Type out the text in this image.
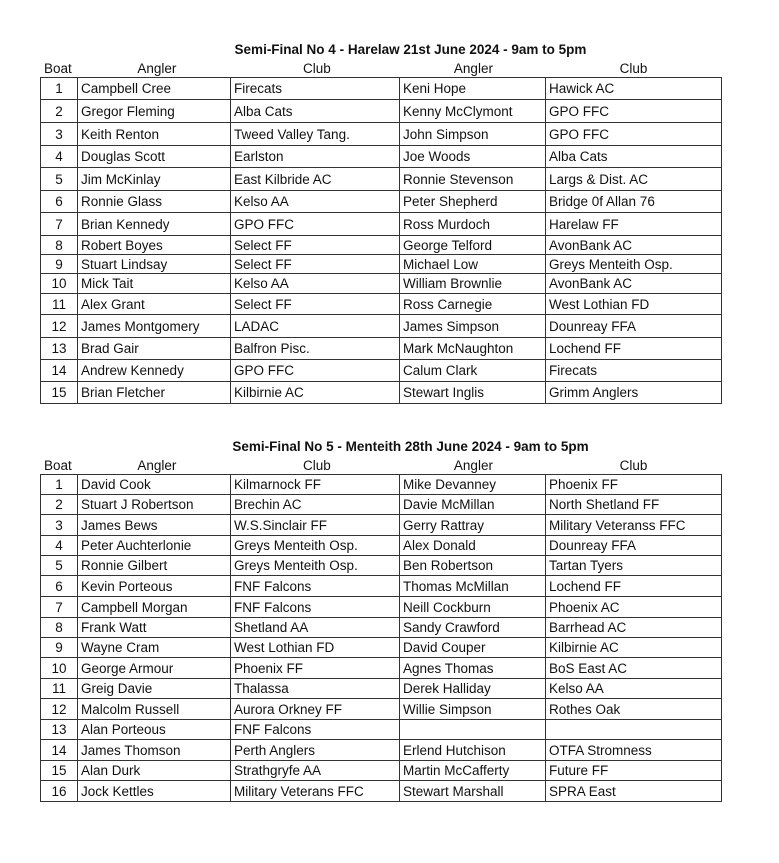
Semi-Final No 4 - Harelaw 21st June 2024 - 9am to 5pm
Boat	Angler	Club	Angler	Club
1	Campbell Cree	Firecats	Keni Hope	Hawick AC
2	Gregor Fleming	Alba Cats	Kenny McClymont	GPO FFC
3	Keith Renton	Tweed Valley Tang.	John Simpson	GPO FFC
4	Douglas Scott	Earlston	Joe Woods	Alba Cats
5	Jim McKinlay	East Kilbride AC	Ronnie Stevenson	Largs & Dist. AC
6	Ronnie Glass	Kelso AA	Peter Shepherd	Bridge 0f Allan 76
7	Brian Kennedy	GPO FFC	Ross Murdoch	Harelaw FF
8	Robert Boyes	Select FF	George Telford	AvonBank AC
9	Stuart Lindsay	Select FF	Michael Low	Greys Menteith Osp.
10	Mick Tait	Kelso AA	William Brownlie	AvonBank AC
11	Alex Grant	Select FF	Ross Carnegie	West Lothian FD
12	James Montgomery	LADAC	James Simpson	Dounreay FFA
13	Brad Gair	Balfron Pisc.	Mark McNaughton	Lochend FF
14	Andrew Kennedy	GPO FFC	Calum Clark	Firecats
15	Brian Fletcher	Kilbirnie AC	Stewart Inglis	Grimm Anglers
Semi-Final No 5 - Menteith 28th June 2024 - 9am to 5pm
Boat	Angler	Club	Angler	Club
1	David Cook	Kilmarnock FF	Mike Devanney	Phoenix FF
2	Stuart J Robertson	Brechin AC	Davie McMillan	North Shetland FF
3	James Bews	W.S.Sinclair FF	Gerry Rattray	Military Veteranss FFC
4	Peter Auchterlonie	Greys Menteith Osp.	Alex Donald	Dounreay FFA
5	Ronnie Gilbert	Greys Menteith Osp.	Ben Robertson	Tartan Tyers
6	Kevin Porteous	FNF Falcons	Thomas McMillan	Lochend FF
7	Campbell Morgan	FNF Falcons	Neill Cockburn	Phoenix AC
8	Frank Watt	Shetland AA	Sandy Crawford	Barrhead AC
9	Wayne Cram	West Lothian FD	David Couper	Kilbirnie AC
10	George Armour	Phoenix FF	Agnes Thomas	BoS East AC
11	Greig Davie	Thalassa	Derek Halliday	Kelso AA
12	Malcolm Russell	Aurora Orkney FF	Willie Simpson	Rothes Oak
13	Alan Porteous	FNF Falcons		
14	James Thomson	Perth Anglers	Erlend Hutchison	OTFA Stromness
15	Alan Durk	Strathgryfe AA	Martin McCafferty	Future FF
16	Jock Kettles	Military Veterans FFC	Stewart Marshall	SPRA East
